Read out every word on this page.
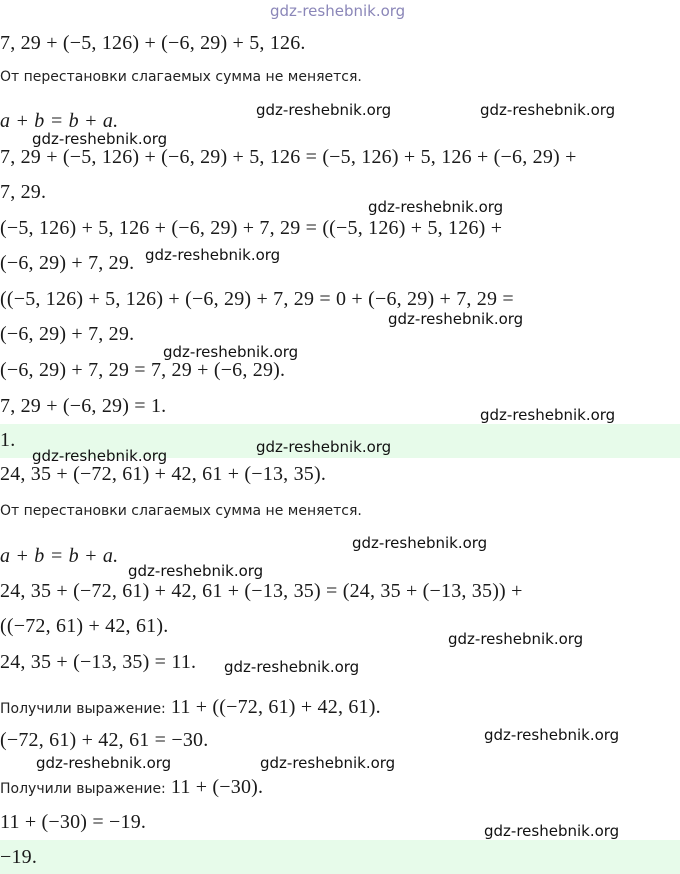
gdz-reshebnik.org
7, 29 + (−5, 126) + (−6, 29) + 5, 126.
От перестановки слагаемых сумма не меняется.
a + b = b + a.
7, 29 + (−5, 126) + (−6, 29) + 5, 126 = (−5, 126) + 5, 126 + (−6, 29) +
7, 29.
(−5, 126) + 5, 126 + (−6, 29) + 7, 29 = ((−5, 126) + 5, 126) +
(−6, 29) + 7, 29.
((−5, 126) + 5, 126) + (−6, 29) + 7, 29 = 0 + (−6, 29) + 7, 29 =
(−6, 29) + 7, 29.
(−6, 29) + 7, 29 = 7, 29 + (−6, 29).
7, 29 + (−6, 29) = 1.
1.
24, 35 + (−72, 61) + 42, 61 + (−13, 35).
От перестановки слагаемых сумма не меняется.
a + b = b + a.
24, 35 + (−72, 61) + 42, 61 + (−13, 35) = (24, 35 + (−13, 35)) +
((−72, 61) + 42, 61).
24, 35 + (−13, 35) = 11.
Получили выражение: 11 + ((−72, 61) + 42, 61).
(−72, 61) + 42, 61 = −30.
Получили выражение: 11 + (−30).
11 + (−30) = −19.
−19.
gdz-reshebnik.org	gdz-reshebnik.org
gdz-reshebnik.org
gdz-reshebnik.org
gdz-reshebnik.org
gdz-reshebnik.org
gdz-reshebnik.org
gdz-reshebnik.org
gdz-reshebnik.org
gdz-reshebnik.org
gdz-reshebnik.org
gdz-reshebnik.org
gdz-reshebnik.org
gdz-reshebnik.org
gdz-reshebnik.org
gdz-reshebnik.org	gdz-reshebnik.org
gdz-reshebnik.org
